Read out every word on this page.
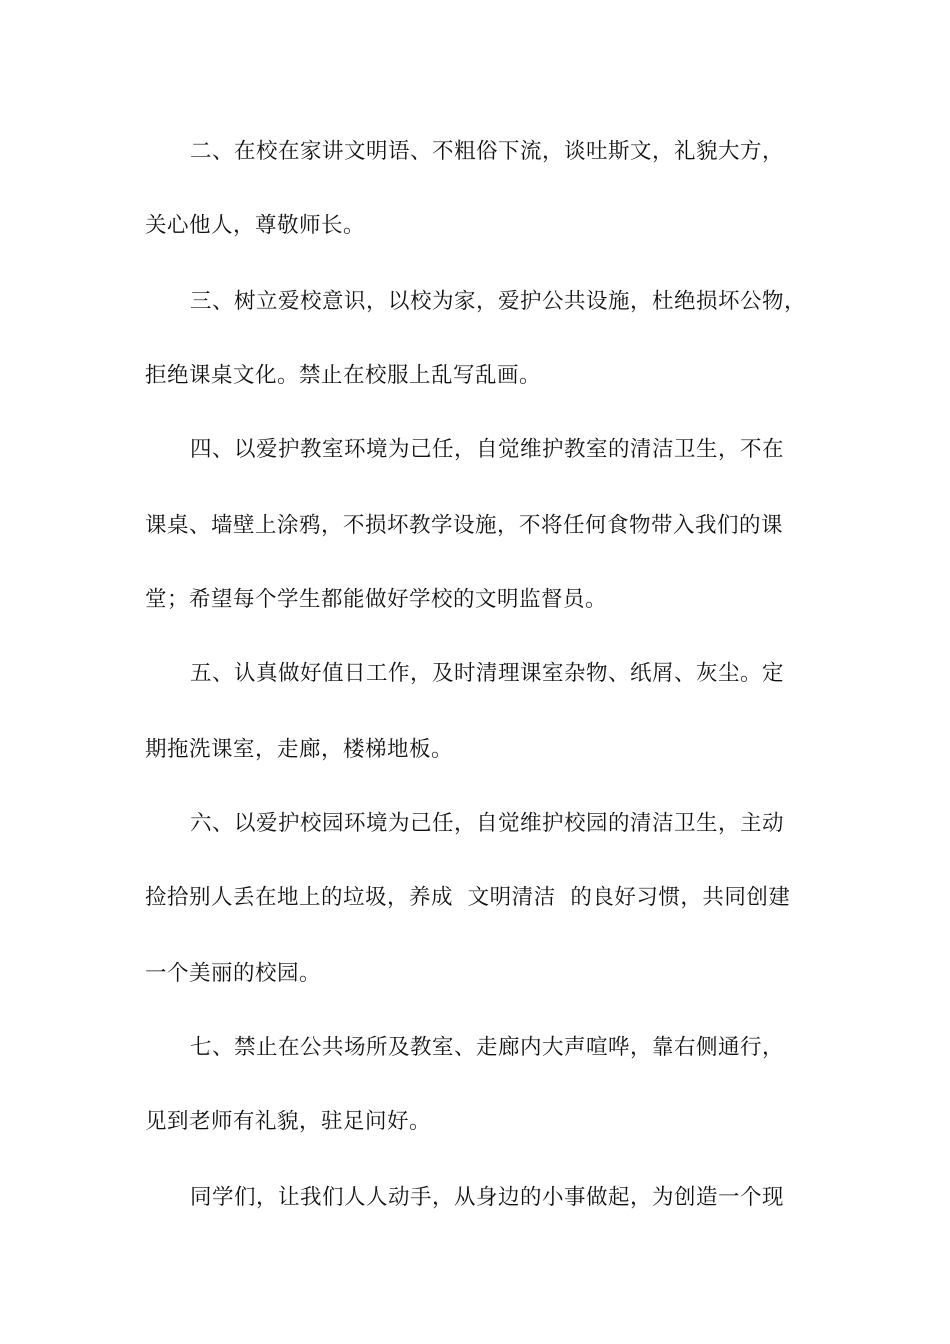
二、在校在家讲文明语、不粗俗下流，谈吐斯文，礼貌大方，

关心他人，尊敬师长。

三、树立爱校意识，以校为家，爱护公共设施，杜绝损坏公物，

拒绝课桌文化。禁止在校服上乱写乱画。

四、以爱护教室环境为己任，自觉维护教室的清洁卫生，不在

课桌、墙壁上涂鸦，不损坏教学设施，不将任何食物带入我们的课

堂；希望每个学生都能做好学校的文明监督员。

五、认真做好值日工作，及时清理课室杂物、纸屑、灰尘。定

期拖洗课室，走廊，楼梯地板。

六、以爱护校园环境为己任，自觉维护校园的清洁卫生，主动

捡拾别人丢在地上的垃圾，养成  文明清洁  的良好习惯，共同创建

一个美丽的校园。

七、禁止在公共场所及教室、走廊内大声喧哗，靠右侧通行，

见到老师有礼貌，驻足问好。

同学们，让我们人人动手，从身边的小事做起，为创造一个现
